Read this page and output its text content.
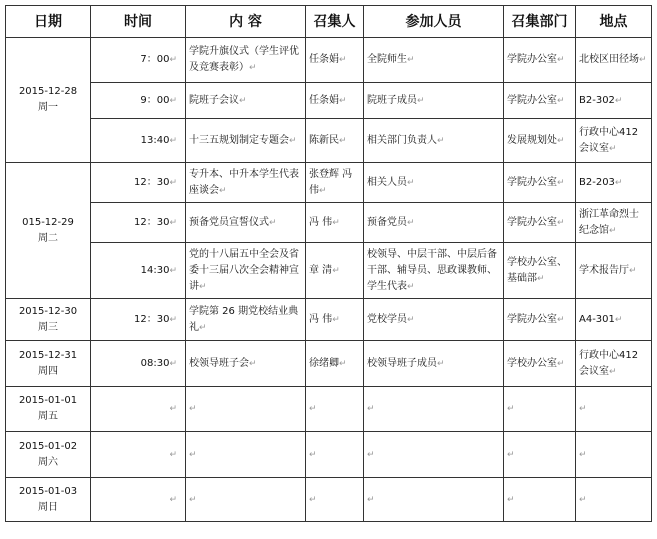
日期	时间	内 容	召集人	参加人员	召集部门	地点

2015-12-28
周一	7：00↵	学院升旗仪式（学生评优及竞赛表彰）↵	任条娟↵	全院师生↵	学院办公室↵	北校区田径场↵
	9：00↵	院班子会议↵	任条娟↵	院班子成员↵	学院办公室↵	B2-302↵
	13:40↵	十三五规划制定专题会↵	陈新民↵	相关部门负责人↵	发展规划处↵	行政中心412会议室↵

015-12-29
周二	12：30↵	专升本、中升本学生代表座谈会↵	张登辉 冯 伟↵	相关人员↵	学院办公室↵	B2-203↵
	12：30↵	预备党员宣誓仪式↵	冯 伟↵	预备党员↵	学院办公室↵	浙江革命烈士纪念馆↵
	14:30↵	党的十八届五中全会及省委十三届八次全会精神宣讲↵	章 清↵	校领导、中层干部、中层后备干部、辅导员、思政课教师、学生代表↵	学校办公室、基础部↵	学术报告厅↵

2015-12-30
周三	12：30↵	学院第 26 期党校结业典礼↵	冯 伟↵	党校学员↵	学院办公室↵	A4-301↵

2015-12-31
周四	08:30↵	校领导班子会↵	徐绪卿↵	校领导班子成员↵	学校办公室↵	行政中心412会议室↵

2015-01-01
周五	↵	↵	↵	↵	↵	↵

2015-01-02
周六	↵	↵	↵	↵	↵	↵

2015-01-03
周日	↵	↵	↵	↵	↵	↵
